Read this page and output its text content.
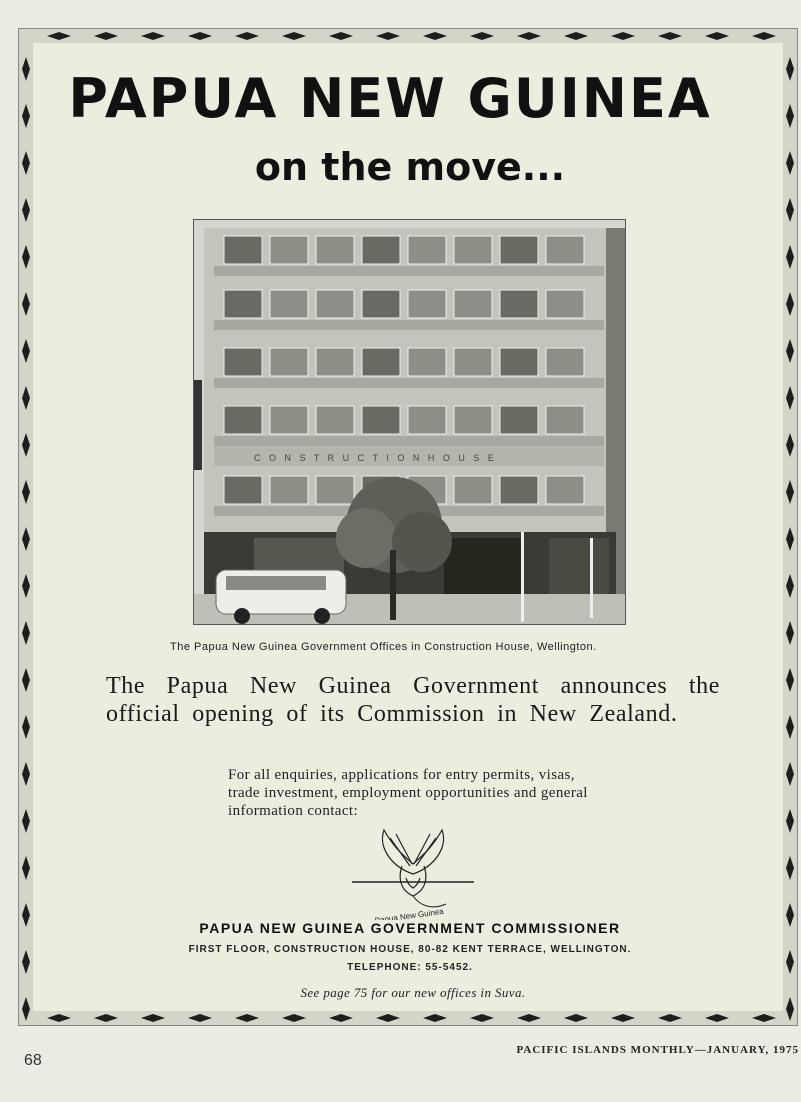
PAPUA NEW GUINEA
on the move...
C O N S T R U C T I O N H O U S E
The Papua New Guinea Government Offices in Construction House, Wellington.

The Papua New Guinea Government announces the official opening of its Commission in New Zealand.

For all enquiries, applications for entry permits, visas, trade investment, employment opportunities and general information contact:

Papua New Guinea
PAPUA NEW GUINEA GOVERNMENT COMMISSIONER
FIRST FLOOR, CONSTRUCTION HOUSE, 80-82 KENT TERRACE, WELLINGTON.
TELEPHONE: 55-5452.
See page 75 for our new offices in Suva.
68
PACIFIC ISLANDS MONTHLY—JANUARY, 1975
